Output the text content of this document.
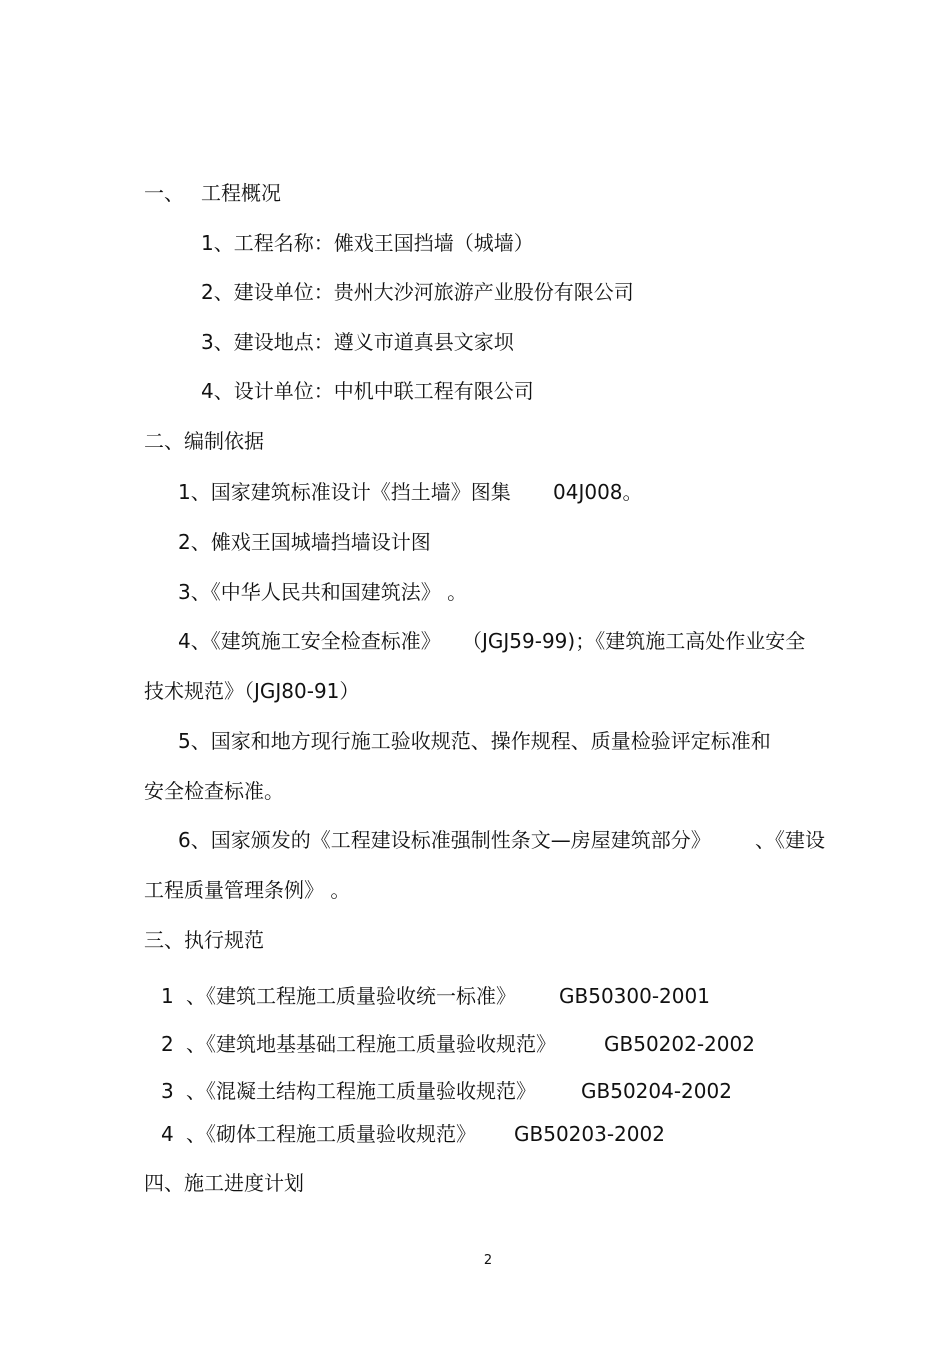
一、 工程概况
1、工程名称：傩戏王国挡墙（城墙）
2、建设单位：贵州大沙河旅游产业股份有限公司
3、建设地点：遵义市道真县文家坝
4、设计单位：中机中联工程有限公司
二、编制依据
1、国家建筑标准设计《挡土墙》图集 04J008。
2、傩戏王国城墙挡墙设计图
3、《中华人民共和国建筑法》 。
4、《建筑施工安全检查标准》 （JGJ59-99)；《建筑施工高处作业安全
技术规范》（JGJ80-91）
5、国家和地方现行施工验收规范、操作规程、质量检验评定标准和
安全检查标准。
6、国家颁发的《工程建设标准强制性条文—房屋建筑部分》 、《建设
工程质量管理条例》 。
三、执行规范
1 、《建筑工程施工质量验收统一标准》 GB50300-2001
2 、《建筑地基基础工程施工质量验收规范》 GB50202-2002
3 、《混凝土结构工程施工质量验收规范》 GB50204-2002
4 、《砌体工程施工质量验收规范》 GB50203-2002
四、施工进度计划
2
